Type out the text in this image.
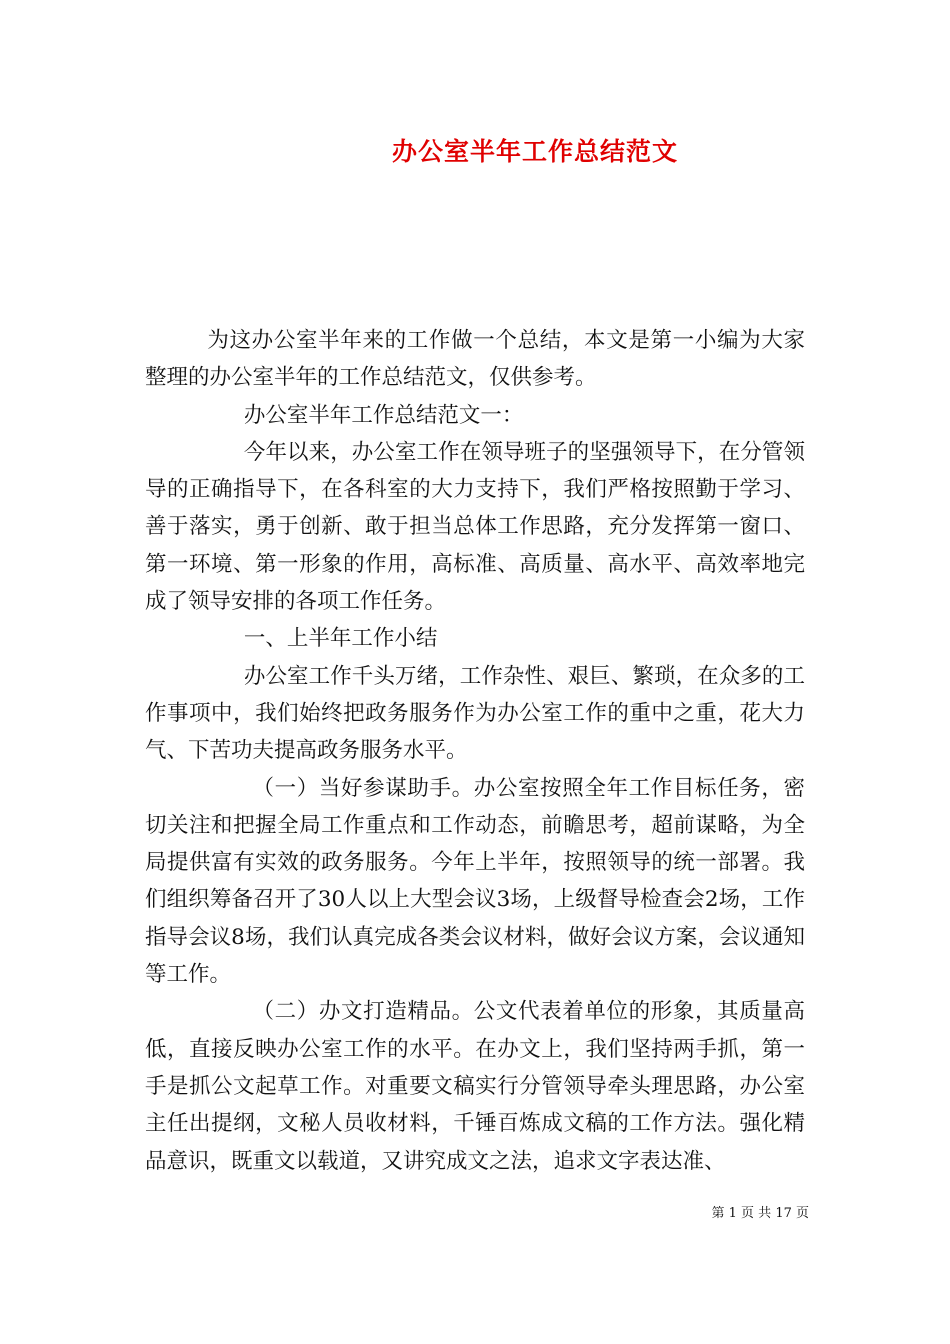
办公室半年工作总结范文

为这办公室半年来的工作做一个总结，本文是第一小编为大家整理的办公室半年的工作总结范文，仅供参考。

办公室半年工作总结范文一：

今年以来，办公室工作在领导班子的坚强领导下，在分管领导的正确指导下，在各科室的大力支持下，我们严格按照勤于学习、善于落实，勇于创新、敢于担当总体工作思路，充分发挥第一窗口、第一环境、第一形象的作用，高标准、高质量、高水平、高效率地完成了领导安排的各项工作任务。

一、上半年工作小结

办公室工作千头万绪，工作杂性、艰巨、繁琐，在众多的工作事项中，我们始终把政务服务作为办公室工作的重中之重，花大力气、下苦功夫提高政务服务水平。

（一）当好参谋助手。办公室按照全年工作目标任务，密切关注和把握全局工作重点和工作动态，前瞻思考，超前谋略，为全局提供富有实效的政务服务。今年上半年，按照领导的统一部署。我们组织筹备召开了30人以上大型会议3场，上级督导检查会2场，工作指导会议8场，我们认真完成各类会议材料，做好会议方案，会议通知等工作。

（二）办文打造精品。公文代表着单位的形象，其质量高低，直接反映办公室工作的水平。在办文上，我们坚持两手抓，第一手是抓公文起草工作。对重要文稿实行分管领导牵头理思路，办公室主任出提纲，文秘人员收材料，千锤百炼成文稿的工作方法。强化精品意识，既重文以载道，又讲究成文之法，追求文字表达准、

第 1 页 共 17 页
